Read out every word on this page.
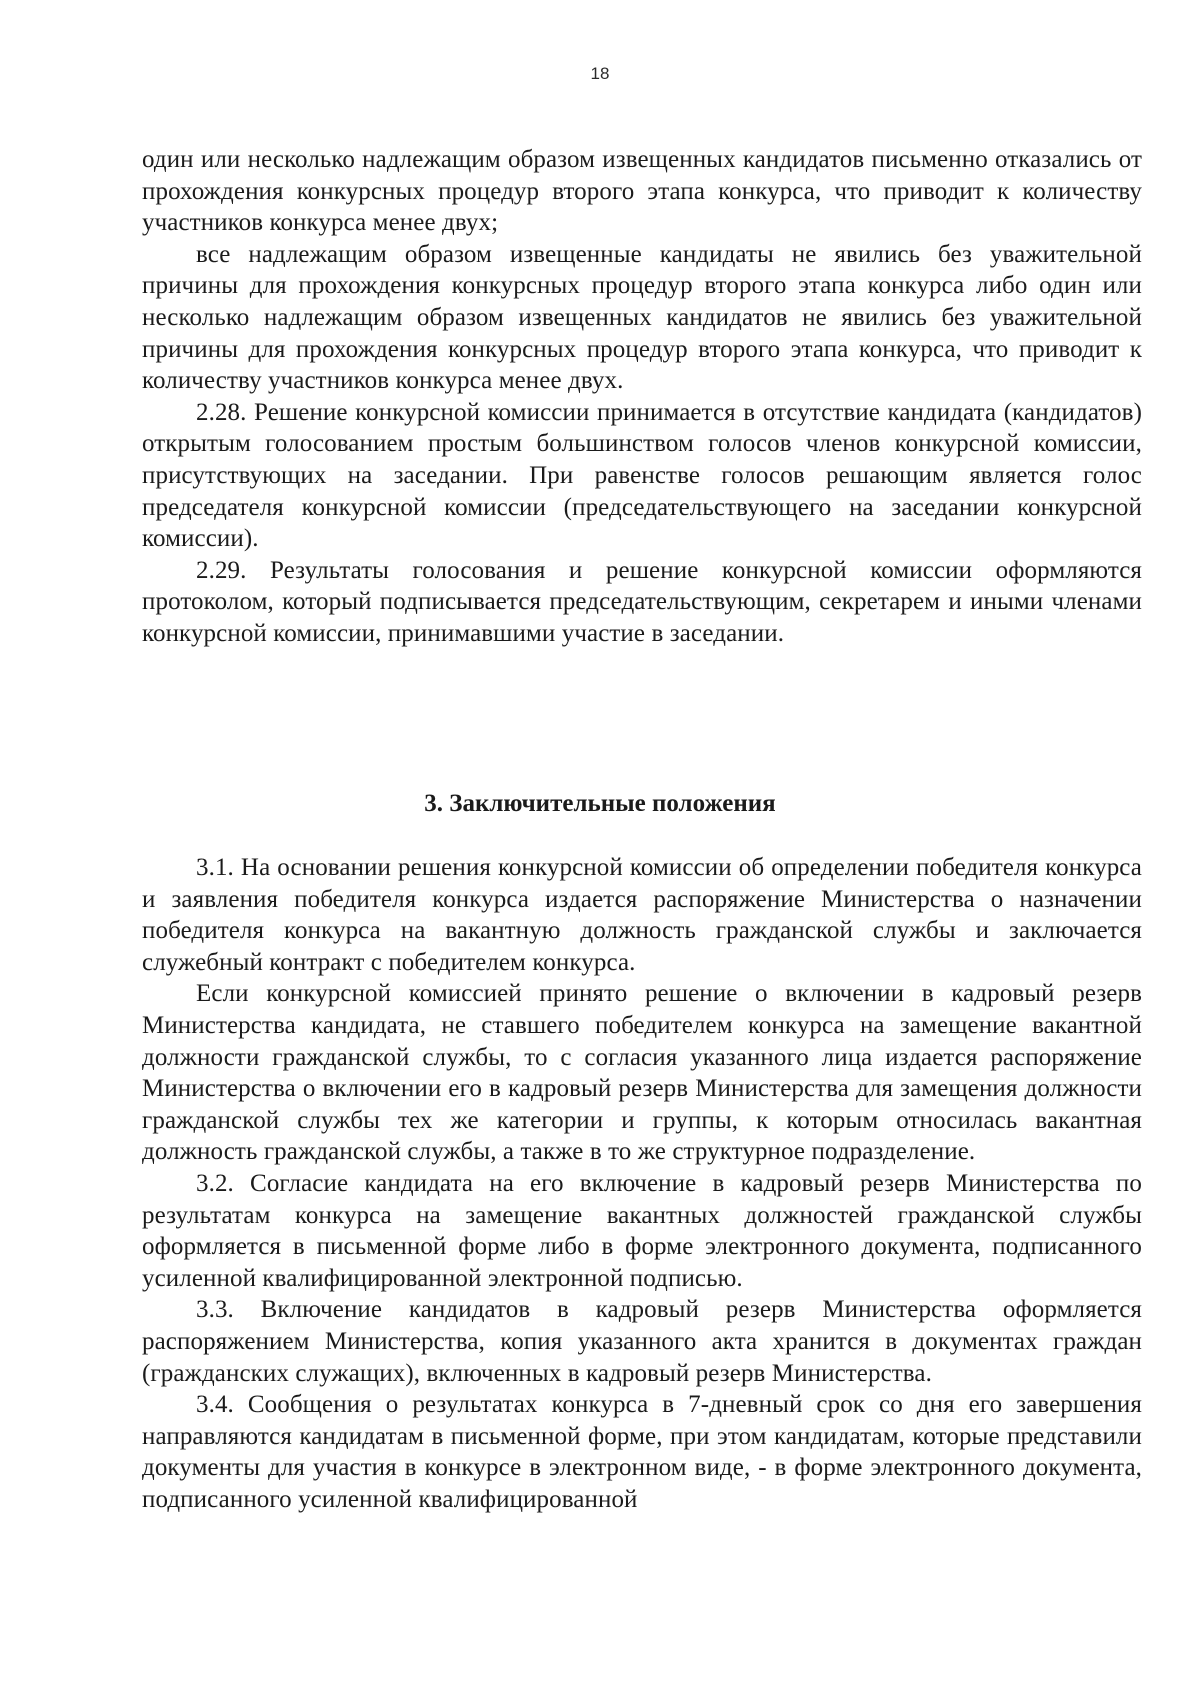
18

один или несколько надлежащим образом извещенных кандидатов письменно отказались от прохождения конкурсных процедур второго этапа конкурса, что приводит к количеству участников конкурса менее двух;

все надлежащим образом извещенные кандидаты не явились без уважительной причины для прохождения конкурсных процедур второго этапа конкурса либо один или несколько надлежащим образом извещенных кандидатов не явились без уважительной причины для прохождения конкурсных процедур второго этапа конкурса, что приводит к количеству участников конкурса менее двух.

2.28. Решение конкурсной комиссии принимается в отсутствие кандидата (кандидатов) открытым голосованием простым большинством голосов членов конкурсной комиссии, присутствующих на заседании. При равенстве голосов решающим является голос председателя конкурсной комиссии (председательствующего на заседании конкурсной комиссии).

2.29. Результаты голосования и решение конкурсной комиссии оформляются протоколом, который подписывается председательствующим, секретарем и иными членами конкурсной комиссии, принимавшими участие в заседании.

3. Заключительные положения

3.1. На основании решения конкурсной комиссии об определении победителя конкурса и заявления победителя конкурса издается распоряжение Министерства о назначении победителя конкурса на вакантную должность гражданской службы и заключается служебный контракт с победителем конкурса.

Если конкурсной комиссией принято решение о включении в кадровый резерв Министерства кандидата, не ставшего победителем конкурса на замещение вакантной должности гражданской службы, то с согласия указанного лица издается распоряжение Министерства о включении его в кадровый резерв Министерства для замещения должности гражданской службы тех же категории и группы, к которым относилась вакантная должность гражданской службы, а также в то же структурное подразделение.

3.2. Согласие кандидата на его включение в кадровый резерв Министерства по результатам конкурса на замещение вакантных должностей гражданской службы оформляется в письменной форме либо в форме электронного документа, подписанного усиленной квалифицированной электронной подписью.

3.3. Включение кандидатов в кадровый резерв Министерства оформляется распоряжением Министерства, копия указанного акта хранится в документах граждан (гражданских служащих), включенных в кадровый резерв Министерства.

3.4. Сообщения о результатах конкурса в 7-дневный срок со дня его завершения направляются кандидатам в письменной форме, при этом кандидатам, которые представили документы для участия в конкурсе в электронном виде, - в форме электронного документа, подписанного усиленной квалифицированной
